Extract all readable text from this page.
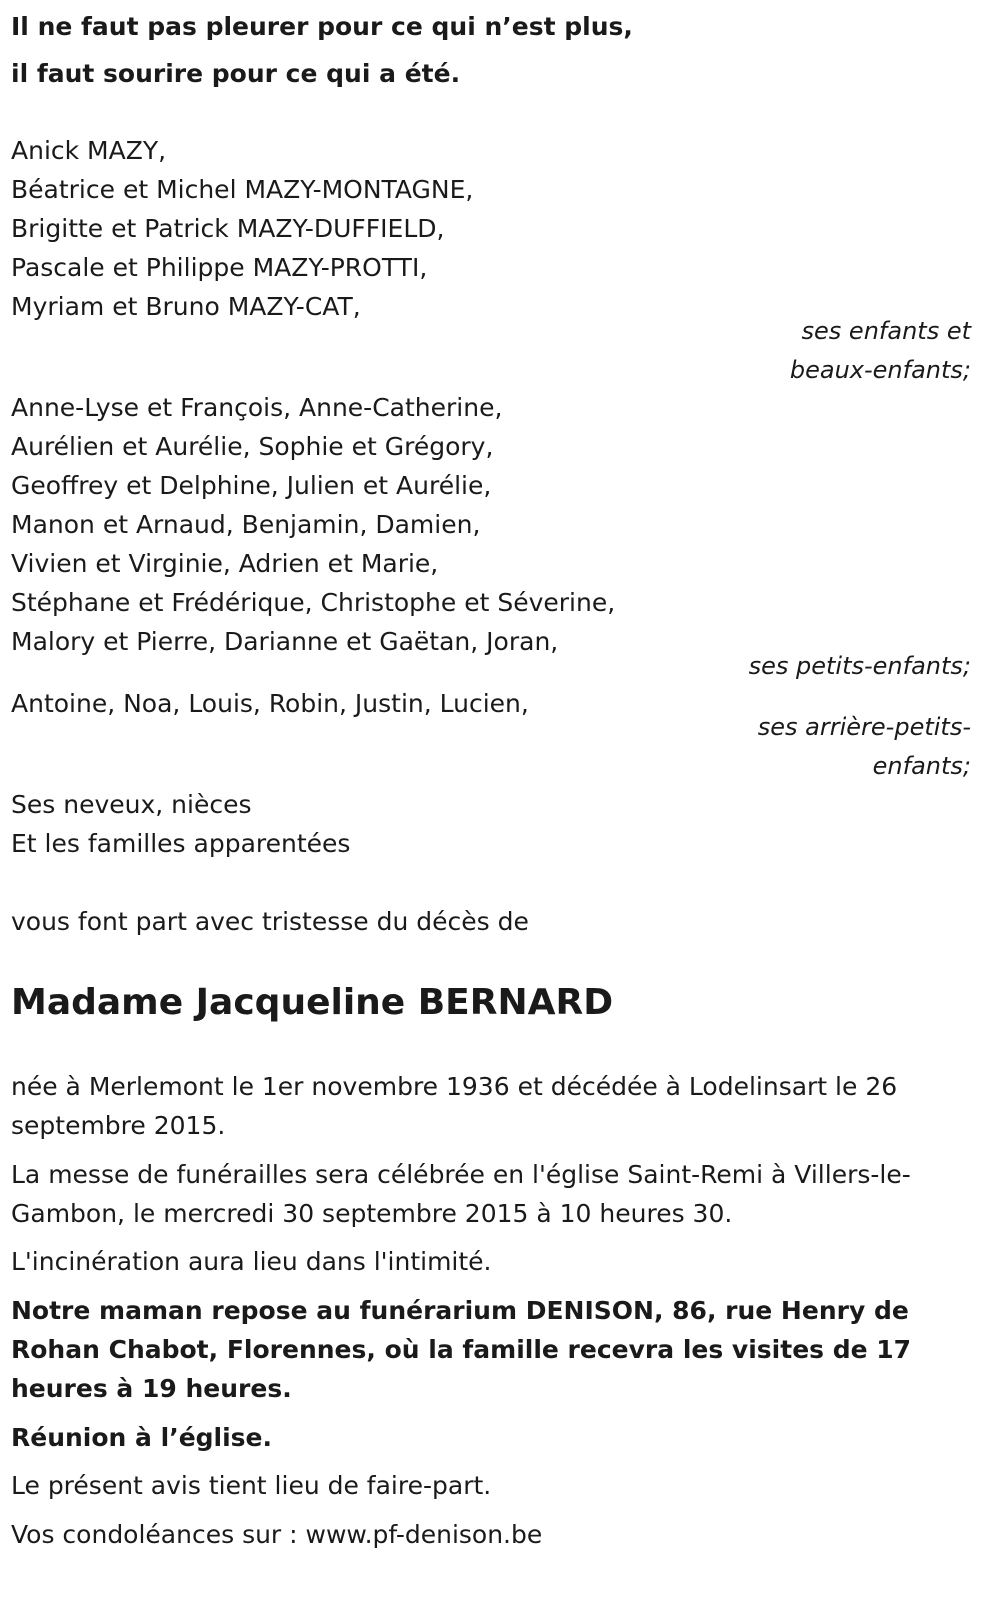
Il ne faut pas pleurer pour ce qui n’est plus,
il faut sourire pour ce qui a été.
Anick MAZY,
Béatrice et Michel MAZY-MONTAGNE,
Brigitte et Patrick MAZY-DUFFIELD,
Pascale et Philippe MAZY-PROTTI,
Myriam et Bruno MAZY-CAT,
ses enfants et
beaux-enfants;
Anne-Lyse et François, Anne-Catherine,
Aurélien et Aurélie, Sophie et Grégory,
Geoffrey et Delphine, Julien et Aurélie,
Manon et Arnaud, Benjamin, Damien,
Vivien et Virginie, Adrien et Marie,
Stéphane et Frédérique, Christophe et Séverine,
Malory et Pierre, Darianne et Gaëtan, Joran,
ses petits-enfants;
Antoine, Noa, Louis, Robin, Justin, Lucien,
ses arrière-petits-
enfants;
Ses neveux, nièces
Et les familles apparentées
vous font part avec tristesse du décès de
Madame Jacqueline BERNARD
née à Merlemont le 1er novembre 1936 et décédée à Lodelinsart le 26 septembre 2015.
La messe de funérailles sera célébrée en l'église Saint-Remi à Villers-le-Gambon, le mercredi 30 septembre 2015 à 10 heures 30.
L'incinération aura lieu dans l'intimité.
Notre maman repose au funérarium DENISON, 86, rue Henry de Rohan Chabot, Florennes, où la famille recevra les visites de 17 heures à 19 heures.
Réunion à l’église.
Le présent avis tient lieu de faire-part.
Vos condoléances sur : www.pf-denison.be
